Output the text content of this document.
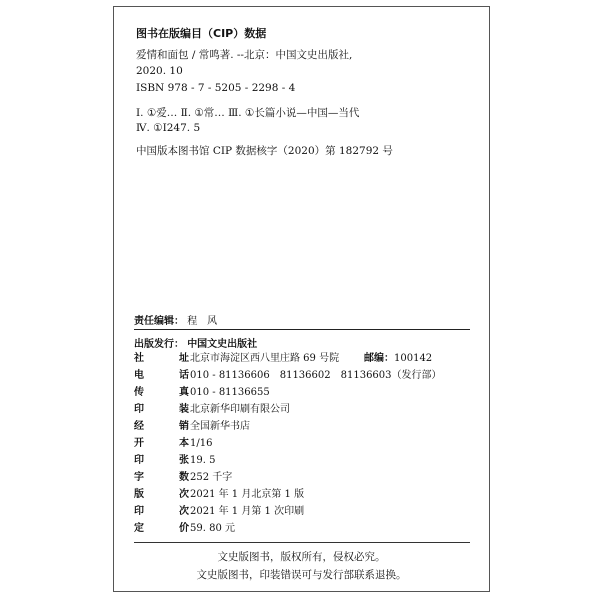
图书在版编目（CIP）数据
爱情和面包 / 常鸣著. --北京：中国文史出版社,
2020. 10
ISBN 978 - 7 - 5205 - 2298 - 4
Ⅰ. ①爱… Ⅱ. ①常… Ⅲ. ①长篇小说—中国—当代
Ⅳ. ①I247. 5
中国版本图书馆 CIP 数据核字（2020）第 182792 号
责任编辑： 程　风
出版发行： 中国文史出版社
社	址 北京市海淀区西八里庄路 69 号院 邮编：100142
电	话 010 - 81136606　81136602　81136603（发行部）
传	真 010 - 81136655
印	装 北京新华印刷有限公司
经	销 全国新华书店
开	本 1/16
印	张 19. 5
字	数 252 千字
版	次 2021 年 1 月北京第 1 版
印	次 2021 年 1 月第 1 次印刷
定	价 59. 80 元
文史版图书，版权所有，侵权必究。
文史版图书，印装错误可与发行部联系退换。
